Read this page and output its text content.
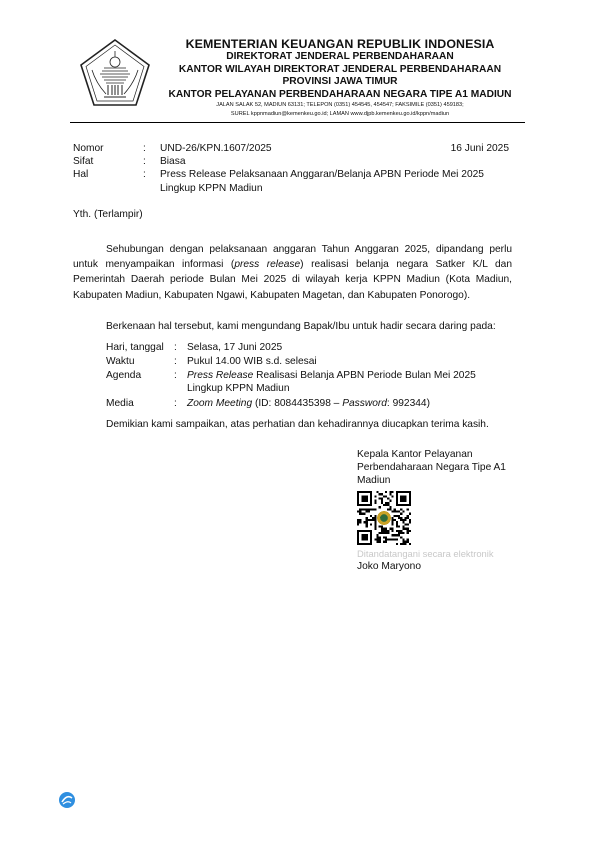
KEMENTERIAN KEUANGAN REPUBLIK INDONESIA
DIREKTORAT JENDERAL PERBENDAHARAAN
KANTOR WILAYAH DIREKTORAT JENDERAL PERBENDAHARAAN
PROVINSI JAWA TIMUR
KANTOR PELAYANAN PERBENDAHARAAN NEGARA TIPE A1 MADIUN
JALAN SALAK 52, MADIUN 63131; TELEPON (0351) 454545, 454547; FAKSIMILE (0351) 459183;
SUREL kppnmadiun@kemenkeu.go.id; LAMAN www.djpb.kemenkeu.go.id/kppn/madiun
Nomor	:	UND-26/KPN.1607/2025	16 Juni 2025
Sifat	:	Biasa
Hal	:	Press Release Pelaksanaan Anggaran/Belanja APBN Periode Mei 2025
Lingkup KPPN Madiun
Yth. (Terlampir)
Sehubungan dengan pelaksanaan anggaran Tahun Anggaran 2025, dipandang perlu untuk menyampaikan informasi (press release) realisasi belanja negara Satker K/L dan Pemerintah Daerah periode Bulan Mei 2025 di wilayah kerja KPPN Madiun (Kota Madiun, Kabupaten Madiun, Kabupaten Ngawi, Kabupaten Magetan, dan Kabupaten Ponorogo).
Berkenaan hal tersebut, kami mengundang Bapak/Ibu untuk hadir secara daring pada:
Hari, tanggal	: Selasa, 17 Juni 2025
Waktu	: Pukul 14.00 WIB s.d. selesai
Agenda	: Press Release Realisasi Belanja APBN Periode Bulan Mei 2025
Lingkup KPPN Madiun
Media	: Zoom Meeting (ID: 8084435398 – Password: 992344)
Demikian kami sampaikan, atas perhatian dan kehadirannya diucapkan terima kasih.
Kepala Kantor Pelayanan
Perbendaharaan Negara Tipe A1
Madiun
Ditandatangani secara elektronik
Joko Maryono
